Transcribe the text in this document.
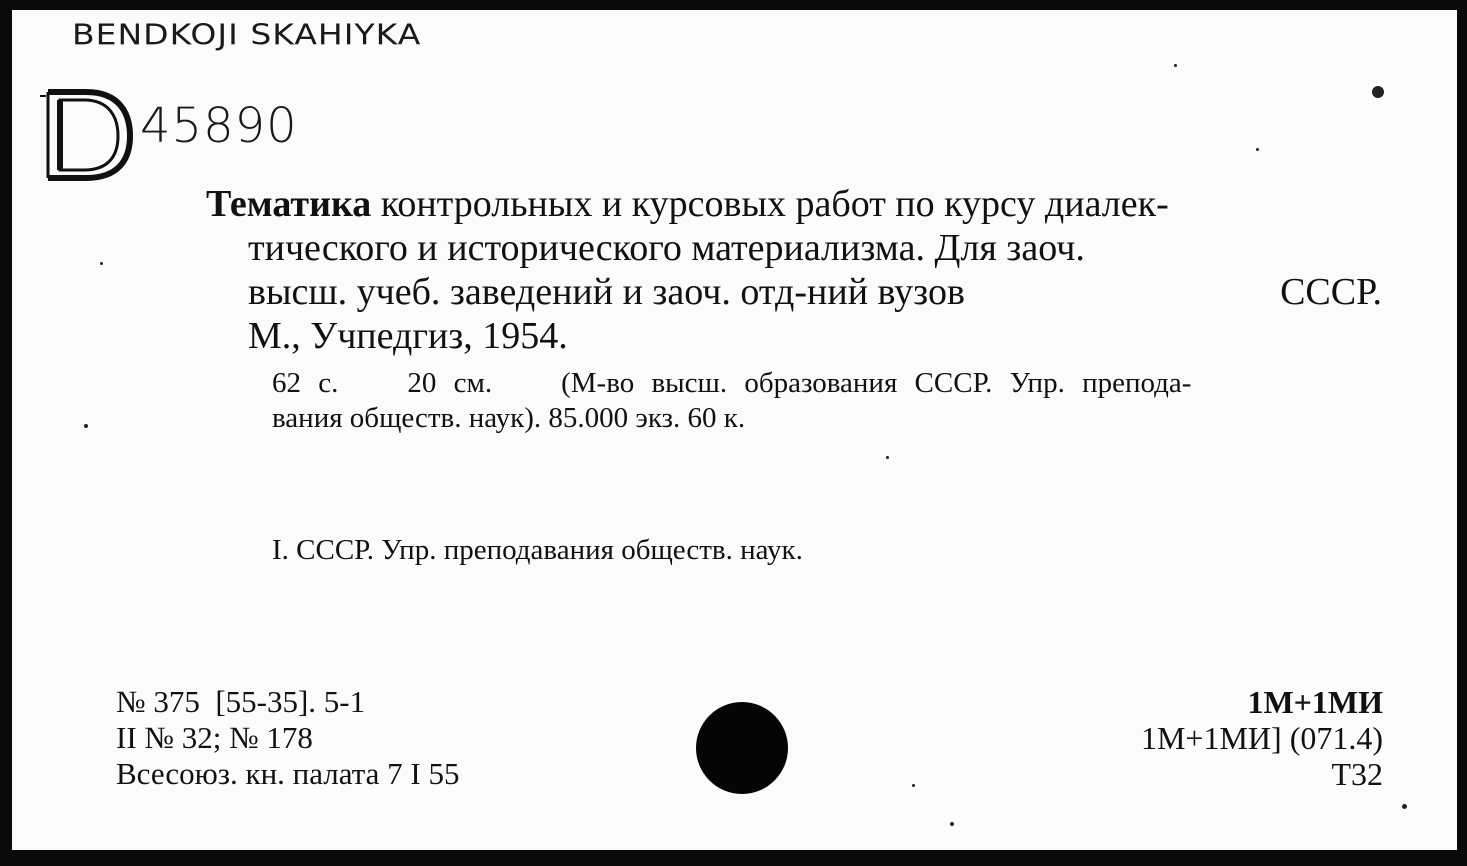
BENDKOJI SKAHIYKA
45890
Тематика контрольных и курсовых работ по курсу диалек-
тического и исторического материализма. Для заоч.
высш. учеб. заведений и заоч. отд-ний вузов	СССР.
М., Учпедгиз, 1954.
62 с.    20 см.    (М-во высш. образования СССР. Упр. препода-
вания обществ. наук). 85.000 экз. 60 к.
I. СССР. Упр. преподавания обществ. наук.
№ 375  [55-35]. 5-1
II № 32; № 178
Всесоюз. кн. палата 7 I 55
1М+1МИ
1М+1МИ] (071.4)
Т32
